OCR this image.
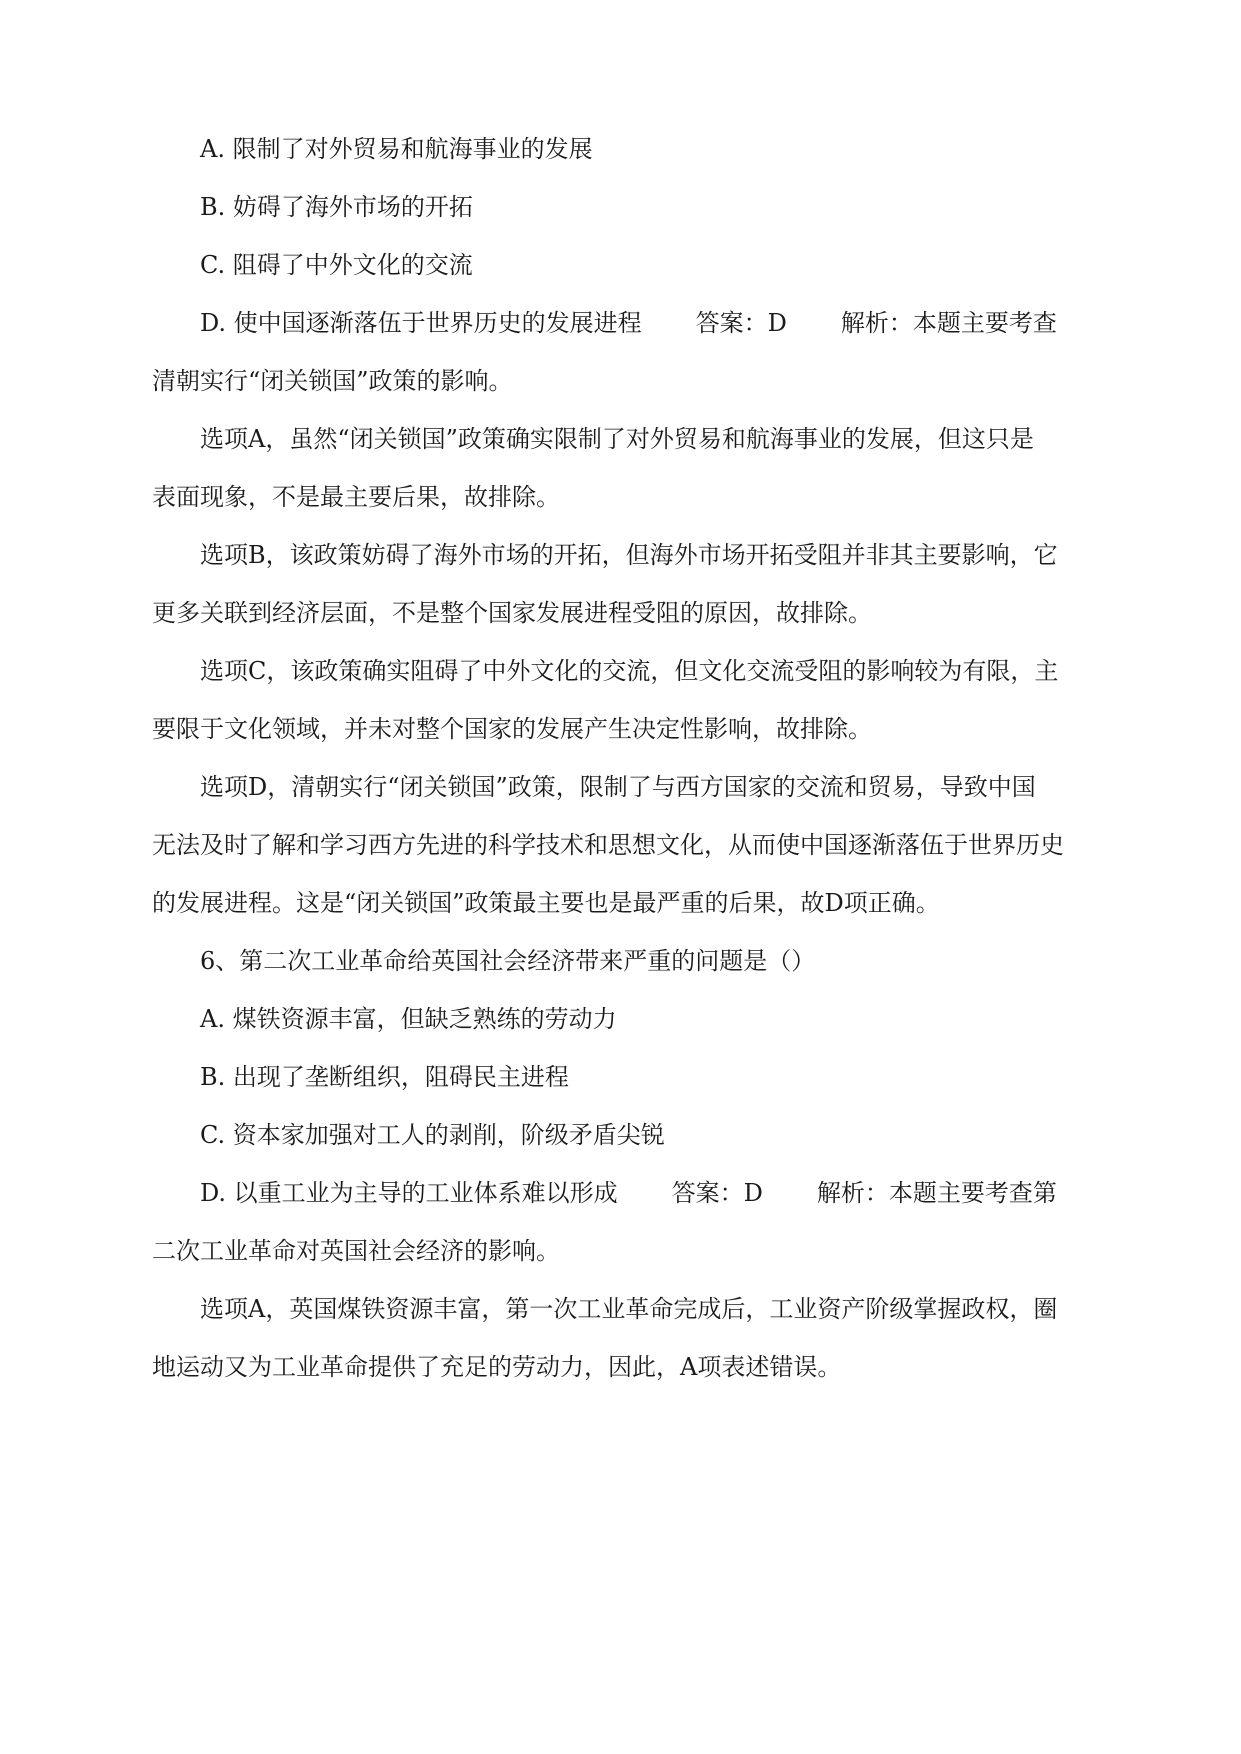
A. 限制了对外贸易和航海事业的发展
B. 妨碍了海外市场的开拓
C. 阻碍了中外文化的交流
D. 使中国逐渐落伍于世界历史的发展进程 答案：D 解析：本题主要考查
清朝实行“闭关锁国”政策的影响。
选项A，虽然“闭关锁国”政策确实限制了对外贸易和航海事业的发展，但这只是
表面现象，不是最主要后果，故排除。
选项B，该政策妨碍了海外市场的开拓，但海外市场开拓受阻并非其主要影响，它
更多关联到经济层面，不是整个国家发展进程受阻的原因，故排除。
选项C，该政策确实阻碍了中外文化的交流，但文化交流受阻的影响较为有限，主
要限于文化领域，并未对整个国家的发展产生决定性影响，故排除。
选项D，清朝实行“闭关锁国”政策，限制了与西方国家的交流和贸易，导致中国
无法及时了解和学习西方先进的科学技术和思想文化，从而使中国逐渐落伍于世界历史
的发展进程。这是“闭关锁国”政策最主要也是最严重的后果，故D项正确。
6、第二次工业革命给英国社会经济带来严重的问题是（）
A. 煤铁资源丰富，但缺乏熟练的劳动力
B. 出现了垄断组织，阻碍民主进程
C. 资本家加强对工人的剥削，阶级矛盾尖锐
D. 以重工业为主导的工业体系难以形成 答案：D 解析：本题主要考查第
二次工业革命对英国社会经济的影响。
选项A，英国煤铁资源丰富，第一次工业革命完成后，工业资产阶级掌握政权，圈
地运动又为工业革命提供了充足的劳动力，因此，A项表述错误。
